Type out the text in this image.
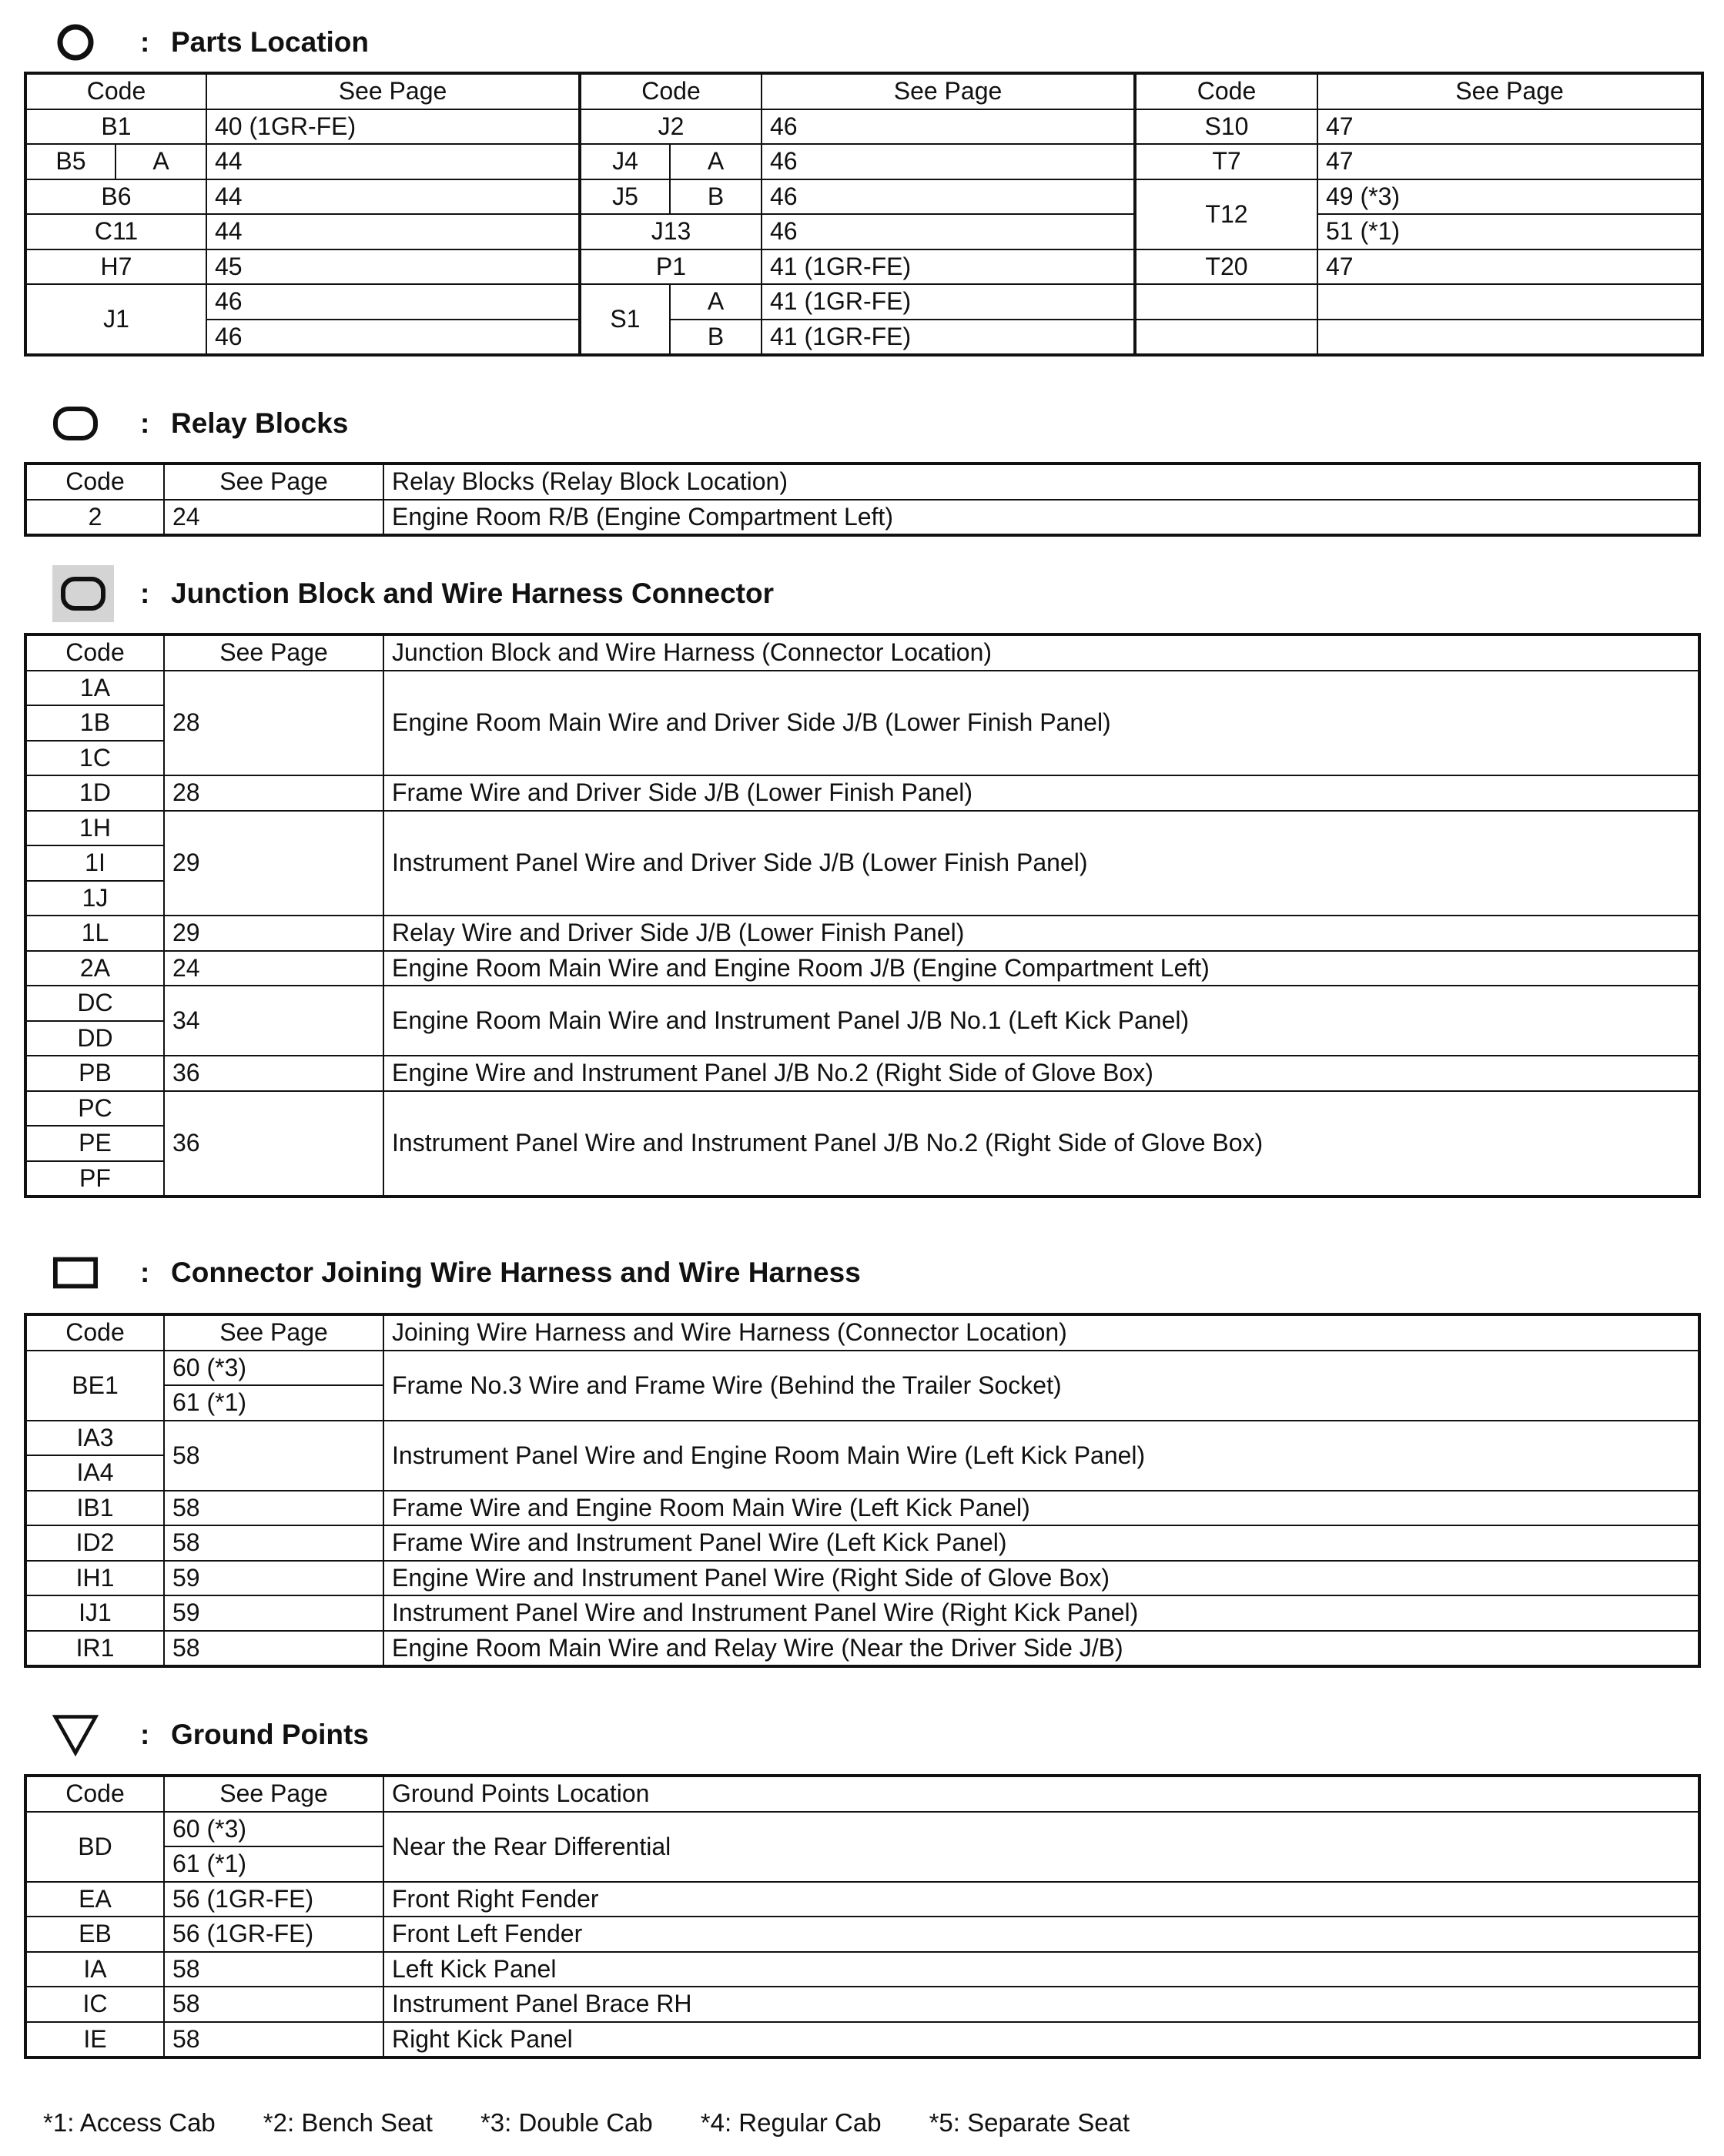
: Parts Location
Code		See Page	Code		See Page	Code	See Page
B1		40 (1GR-FE)	J2		46	S10	47
B5	A	44	J4	A	46	T7	47
B6		44	J5	B	46	T12	49 (*3)
C11		44	J13		46		51 (*1)
H7		45	P1		41 (1GR-FE)	T20	47
J1		46	S1	A	41 (1GR-FE)		
		46		B	41 (1GR-FE)		
: Relay Blocks
Code	See Page	Relay Blocks (Relay Block Location)
2	24	Engine Room R/B (Engine Compartment Left)
: Junction Block and Wire Harness Connector
Code	See Page	Junction Block and Wire Harness (Connector Location)
1A	28	Engine Room Main Wire and Driver Side J/B (Lower Finish Panel)
1B		
1C		
1D	28	Frame Wire and Driver Side J/B (Lower Finish Panel)
1H	29	Instrument Panel Wire and Driver Side J/B (Lower Finish Panel)
1I		
1J		
1L	29	Relay Wire and Driver Side J/B (Lower Finish Panel)
2A	24	Engine Room Main Wire and Engine Room J/B (Engine Compartment Left)
DC	34	Engine Room Main Wire and Instrument Panel J/B No.1 (Left Kick Panel)
DD		
PB	36	Engine Wire and Instrument Panel J/B No.2 (Right Side of Glove Box)
PC	36	Instrument Panel Wire and Instrument Panel J/B No.2 (Right Side of Glove Box)
PE		
PF		
: Connector Joining Wire Harness and Wire Harness
Code	See Page	Joining Wire Harness and Wire Harness (Connector Location)
BE1	60 (*3)	Frame No.3 Wire and Frame Wire (Behind the Trailer Socket)
	61 (*1)	
IA3	58	Instrument Panel Wire and Engine Room Main Wire (Left Kick Panel)
IA4		
IB1	58	Frame Wire and Engine Room Main Wire (Left Kick Panel)
ID2	58	Frame Wire and Instrument Panel Wire (Left Kick Panel)
IH1	59	Engine Wire and Instrument Panel Wire (Right Side of Glove Box)
IJ1	59	Instrument Panel Wire and Instrument Panel Wire (Right Kick Panel)
IR1	58	Engine Room Main Wire and Relay Wire (Near the Driver Side J/B)
: Ground Points
Code	See Page	Ground Points Location
BD	60 (*3)	Near the Rear Differential
	61 (*1)	
EA	56 (1GR-FE)	Front Right Fender
EB	56 (1GR-FE)	Front Left Fender
IA	58	Left Kick Panel
IC	58	Instrument Panel Brace RH
IE	58	Right Kick Panel
*1: Access Cab *2: Bench Seat *3: Double Cab *4: Regular Cab *5: Separate Seat
